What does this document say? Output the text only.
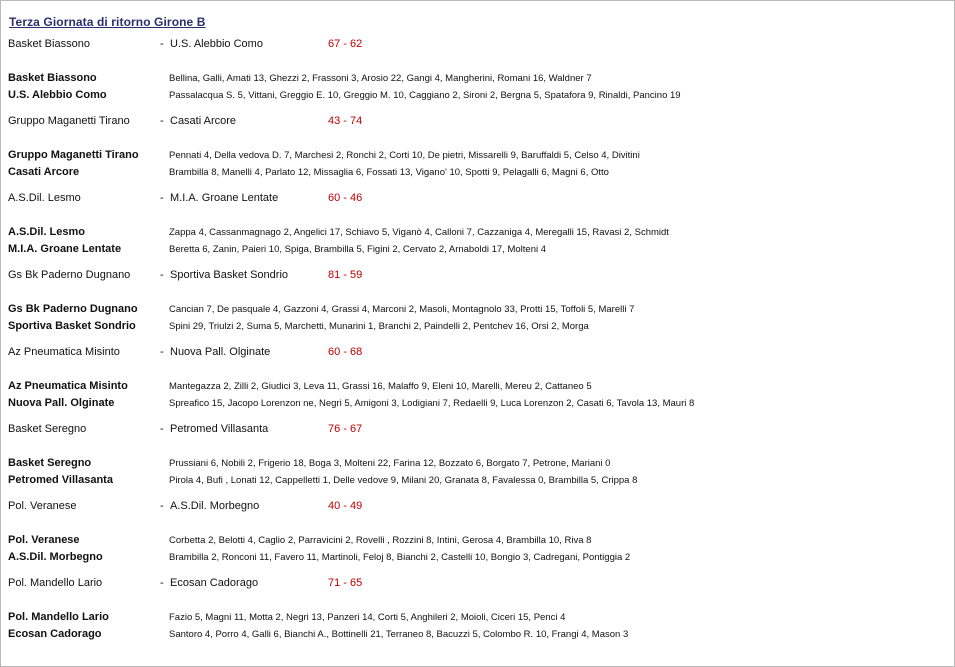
Terza Giornata di ritorno Girone B
Basket Biassono	- U.S. Alebbio Como	67 - 62
Basket Biassono	Bellina, Galli, Amati 13, Ghezzi 2, Frassoni 3, Arosio 22, Gangi 4, Mangherini, Romani 16, Waldner 7
U.S. Alebbio Como	Passalacqua S. 5, Vittani, Greggio E. 10, Greggio M. 10, Caggiano 2, Sironi 2, Bergna 5, Spatafora 9, Rinaldi, Pancino 19
Gruppo Maganetti Tirano	- Casati Arcore	43 - 74
Gruppo Maganetti Tirano	Pennati 4, Della vedova D. 7, Marchesi 2, Ronchi 2, Corti 10, De pietri, Missarelli 9, Baruffaldi 5, Celso 4, Divitini
Casati Arcore	Brambilla 8, Manelli 4, Parlato 12, Missaglia 6, Fossati 13, Vigano' 10, Spotti 9, Pelagalli 6, Magni 6, Otto
A.S.Dil. Lesmo	- M.I.A. Groane Lentate	60 - 46
A.S.Dil. Lesmo	Zappa 4, Cassanmagnago 2, Angelici 17, Schiavo 5, Viganò 4, Calloni 7, Cazzaniga 4, Meregalli 15, Ravasi 2, Schmidt
M.I.A. Groane Lentate	Beretta 6, Zanin, Paieri 10, Spiga, Brambilla 5, Figini 2, Cervato 2, Arnaboldi 17, Molteni 4
Gs Bk Paderno Dugnano	- Sportiva Basket Sondrio	81 - 59
Gs Bk Paderno Dugnano	Cancian 7, De pasquale 4, Gazzoni 4, Grassi 4, Marconi 2, Masoli, Montagnolo 33, Protti 15, Toffoli 5, Marelli 7
Sportiva Basket Sondrio	Spini 29, Triulzi 2, Suma 5, Marchetti, Munarini 1, Branchi 2, Paindelli 2, Pentchev 16, Orsi 2, Morga
Az Pneumatica Misinto	- Nuova Pall. Olginate	60 - 68
Az Pneumatica Misinto	Mantegazza 2, Zilli 2, Giudici 3, Leva 11, Grassi 16, Malaffo 9, Eleni 10, Marelli, Mereu 2, Cattaneo 5
Nuova Pall. Olginate	Spreafico 15, Jacopo Lorenzon ne, Negri 5, Amigoni 3, Lodigiani 7, Redaelli 9, Luca Lorenzon 2, Casati 6, Tavola 13, Mauri 8
Basket Seregno	- Petromed Villasanta	76 - 67
Basket Seregno	Prussiani 6, Nobili 2, Frigerio 18, Boga 3, Molteni 22, Farina 12, Bozzato 6, Borgato 7, Petrone, Mariani 0
Petromed Villasanta	Pirola 4, Bufi , Lonati 12, Cappelletti 1, Delle vedove 9, Milani 20, Granata 8, Favalessa 0, Brambilla 5, Crippa 8
Pol. Veranese	- A.S.Dil. Morbegno	40 - 49
Pol. Veranese	Corbetta 2, Belotti 4, Caglio 2, Parravicini 2, Rovelli , Rozzini 8, Intini, Gerosa 4, Brambilla 10, Riva 8
A.S.Dil. Morbegno	Brambilla 2, Ronconi 11, Favero 11, Martinoli, Feloj 8, Bianchi 2, Castelli 10, Bongio 3, Cadregani, Pontiggia 2
Pol. Mandello Lario	- Ecosan Cadorago	71 - 65
Pol. Mandello Lario	Fazio 5, Magni 11, Motta 2, Negri 13, Panzeri 14, Corti 5, Anghileri 2, Moioli, Ciceri 15, Penci 4
Ecosan Cadorago	Santoro 4, Porro 4, Galli 6, Bianchi A., Bottinelli 21, Terraneo 8, Bacuzzi 5, Colombo R. 10, Frangi 4, Mason 3
